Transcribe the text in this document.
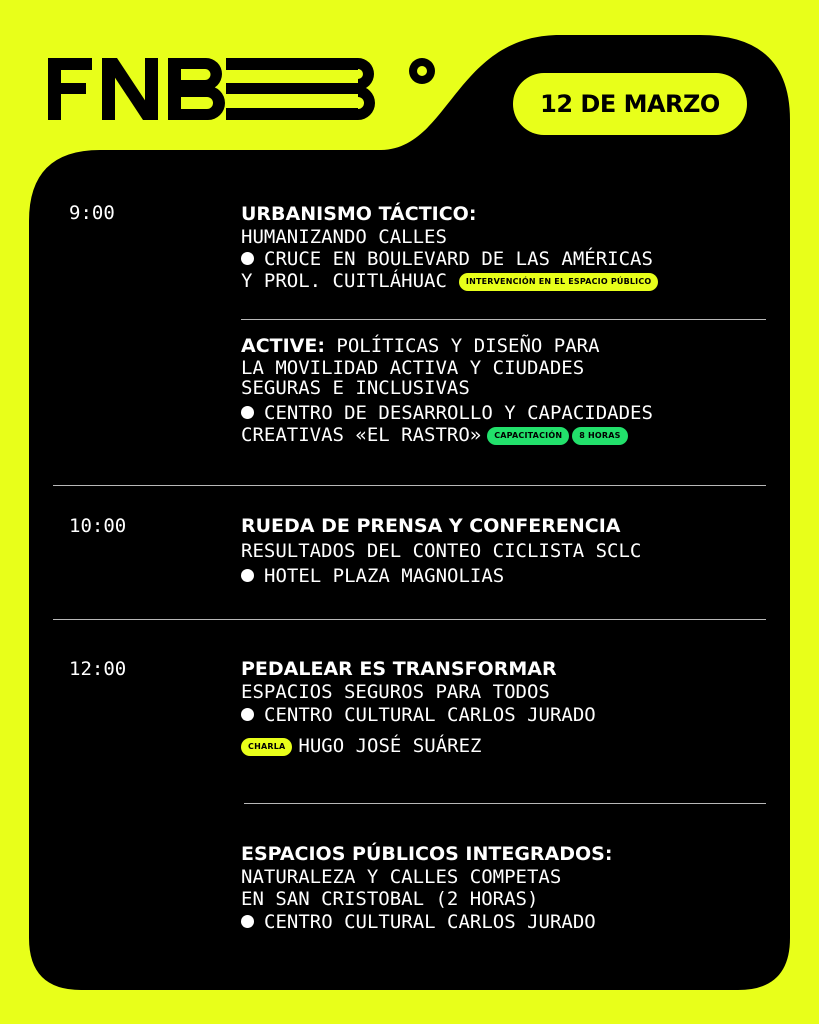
12 DE MARZO
9:00	URBANISMO TÁCTICO:
HUMANIZANDO CALLES
CRUCE EN BOULEVARD DE LAS AMÉRICAS
Y PROL. CUITLÁHUAC INTERVENCIÓN EN EL ESPACIO PÚBLICO
ACTIVE: POLÍTICAS Y DISEÑO PARA
LA MOVILIDAD ACTIVA Y CIUDADES
SEGURAS E INCLUSIVAS
CENTRO DE DESARROLLO Y CAPACIDADES
CREATIVAS «EL RASTRO» CAPACITACIÓN 8 HORAS
10:00	RUEDA DE PRENSA Y CONFERENCIA
RESULTADOS DEL CONTEO CICLISTA SCLC
HOTEL PLAZA MAGNOLIAS
12:00	PEDALEAR ES TRANSFORMAR
ESPACIOS SEGUROS PARA TODOS
CENTRO CULTURAL CARLOS JURADO
CHARLA HUGO JOSÉ SUÁREZ
ESPACIOS PÚBLICOS INTEGRADOS:
NATURALEZA Y CALLES COMPETAS
EN SAN CRISTOBAL (2 HORAS)
CENTRO CULTURAL CARLOS JURADO
